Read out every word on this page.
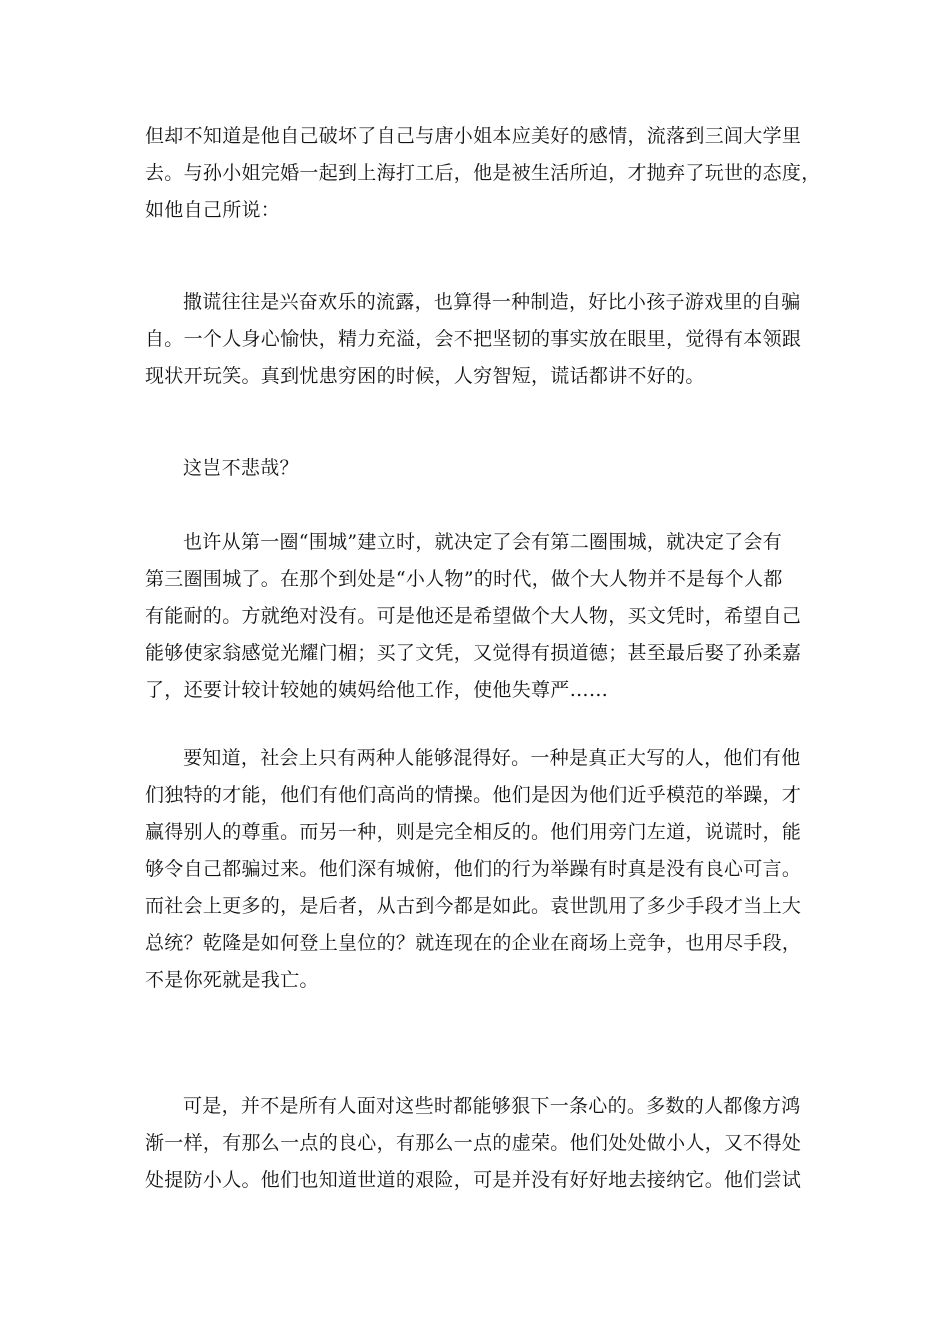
但却不知道是他自己破坏了自己与唐小姐本应美好的感情，流落到三闾大学里
去。与孙小姐完婚一起到上海打工后，他是被生活所迫，才抛弃了玩世的态度，
如他自己所说：
撒谎往往是兴奋欢乐的流露，也算得一种制造，好比小孩子游戏里的自骗
自。一个人身心愉快，精力充溢，会不把坚韧的事实放在眼里，觉得有本领跟
现状开玩笑。真到忧患穷困的时候，人穷智短，谎话都讲不好的。
这岂不悲哉？
也许从第一圈“围城”建立时，就决定了会有第二圈围城，就决定了会有
第三圈围城了。在那个到处是“小人物”的时代，做个大人物并不是每个人都
有能耐的。方就绝对没有。可是他还是希望做个大人物，买文凭时，希望自己
能够使家翁感觉光耀门楣；买了文凭，又觉得有损道德；甚至最后娶了孙柔嘉
了，还要计较计较她的姨妈给他工作，使他失尊严……
要知道，社会上只有两种人能够混得好。一种是真正大写的人，他们有他
们独特的才能，他们有他们高尚的情操。他们是因为他们近乎模范的举躁，才
赢得别人的尊重。而另一种，则是完全相反的。他们用旁门左道，说谎时，能
够令自己都骗过来。他们深有城俯，他们的行为举躁有时真是没有良心可言。
而社会上更多的，是后者，从古到今都是如此。袁世凯用了多少手段才当上大
总统？乾隆是如何登上皇位的？就连现在的企业在商场上竞争，也用尽手段，
不是你死就是我亡。
可是，并不是所有人面对这些时都能够狠下一条心的。多数的人都像方鸿
渐一样，有那么一点的良心，有那么一点的虚荣。他们处处做小人，又不得处
处提防小人。他们也知道世道的艰险，可是并没有好好地去接纳它。他们尝试
